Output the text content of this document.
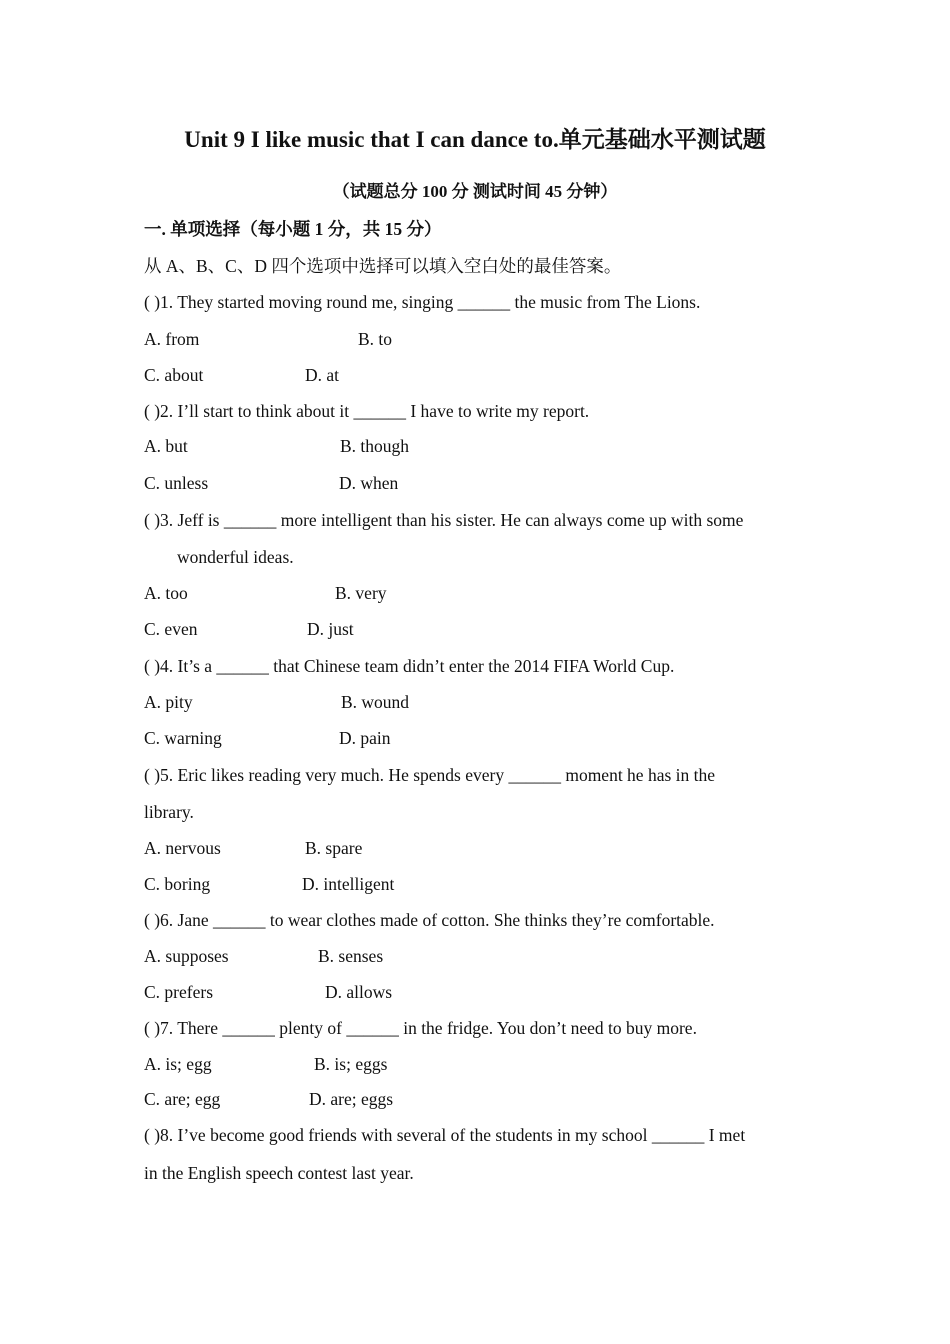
Unit 9 I like music that I can dance to.单元基础水平测试题
（试题总分 100 分 测试时间 45 分钟）
一. 单项选择（每小题 1 分，共 15 分）
从 A、B、C、D 四个选项中选择可以填入空白处的最佳答案。
( )1. They started moving round me, singing ______ the music from The Lions.
A. from	B. to
C. about	D. at
( )2. I’ll start to think about it ______ I have to write my report.
A. but	B. though
C. unless	D. when
( )3. Jeff is ______ more intelligent than his sister. He can always come up with some
wonderful ideas.
A. too	B. very
C. even	D. just
( )4. It’s a ______ that Chinese team didn’t enter the 2014 FIFA World Cup.
A. pity	B. wound
C. warning	D. pain
( )5. Eric likes reading very much. He spends every ______ moment he has in the
library.
A. nervous	B. spare
C. boring	D. intelligent
( )6. Jane ______ to wear clothes made of cotton. She thinks they’re comfortable.
A. supposes	B. senses
C. prefers	D. allows
( )7. There ______ plenty of ______ in the fridge. You don’t need to buy more.
A. is; egg	B. is; eggs
C. are; egg	D. are; eggs
( )8. I’ve become good friends with several of the students in my school ______ I met
in the English speech contest last year.
